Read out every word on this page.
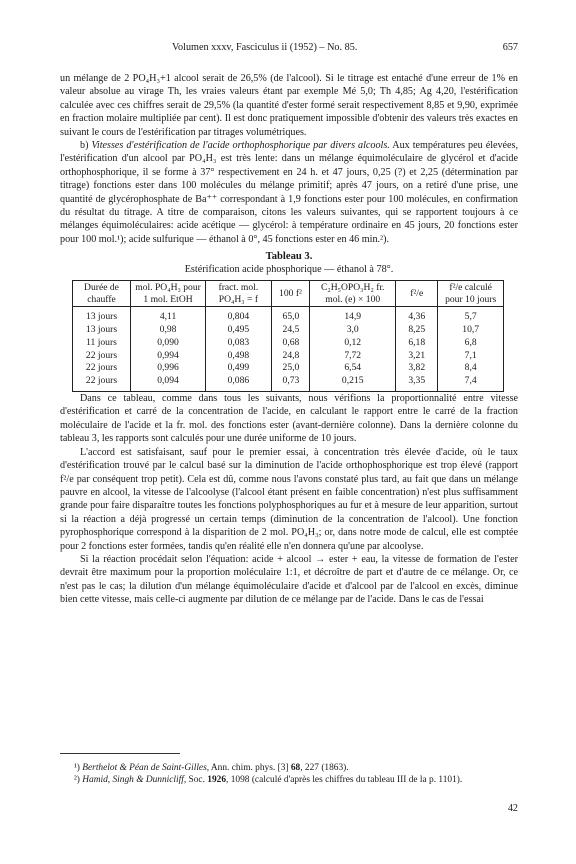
Volumen xxxv, Fasciculus ii (1952) – No. 85.	657

un mélange de 2 PO₄H₃+1 alcool serait de 26,5% (de l'alcool). Si le titrage est entaché d'une erreur de 1% en valeur absolue au virage Th, les vraies valeurs étant par exemple Mé 5,0; Th 4,85; Ag 4,20, l'estérification calculée avec ces chiffres serait de 29,5% (la quantité d'ester formé serait respectivement 8,85 et 9,90, exprimée en fraction molaire multipliée par cent). Il est donc pratiquement impossible d'obtenir des valeurs très exactes en suivant le cours de l'estérification par titrages volumétriques.

b) Vitesses d'estérification de l'acide orthophosphorique par divers alcools. Aux températures peu élevées, l'estérification d'un alcool par PO₄H₃ est très lente: dans un mélange équimoléculaire de glycérol et d'acide orthophosphorique, il se forme à 37° respectivement en 24 h. et 47 jours, 0,25 (?) et 2,25 (détermination par titrage) fonctions ester dans 100 molécules du mélange primitif; après 47 jours, on a retiré d'une prise, une quantité de glycérophosphate de Ba⁺⁺ correspondant à 1,9 fonctions ester pour 100 molécules, en confirmation du résultat du titrage. A titre de comparaison, citons les valeurs suivantes, qui se rapportent toujours à ce mélanges équimoléculaires: acide acétique — glycérol: à température ordinaire en 45 jours, 20 fonctions ester pour 100 mol.¹); acide sulfurique — éthanol à 0°, 45 fonctions ester en 46 min.²).

Tableau 3.
Estérification acide phosphorique — éthanol à 78°.
Durée de chauffe	mol. PO₄H₃ pour 1 mol. EtOH	fract. mol. PO₄H₃ = f	100 f²	C₂H₅OPO₃H₂ fr. mol. (e) × 100	f²/e	f²/e calculé pour 10 jours
13 jours	4,11	0,804	65,0	14,9	4,36	5,7
13 jours	0,98	0,495	24,5	3,0	8,25	10,7
11 jours	0,090	0,083	0,68	0,12	6,18	6,8
22 jours	0,994	0,498	24,8	7,72	3,21	7,1
22 jours	0,996	0,499	25,0	6,54	3,82	8,4
22 jours	0,094	0,086	0,73	0,215	3,35	7,4

Dans ce tableau, comme dans tous les suivants, nous vérifions la proportionnalité entre vitesse d'estérification et carré de la concentration de l'acide, en calculant le rapport entre le carré de la fraction moléculaire de l'acide et la fr. mol. des fonctions ester (avant-dernière colonne). Dans la dernière colonne du tableau 3, les rapports sont calculés pour une durée uniforme de 10 jours.

L'accord est satisfaisant, sauf pour le premier essai, à concentration très élevée d'acide, où le taux d'estérification trouvé par le calcul basé sur la diminution de l'acide orthophosphorique est trop élevé (rapport f²/e par conséquent trop petit). Cela est dû, comme nous l'avons constaté plus tard, au fait que dans un mélange pauvre en alcool, la vitesse de l'alcoolyse (l'alcool étant présent en faible concentration) n'est plus suffisamment grande pour faire disparaître toutes les fonctions polyphosphoriques au fur et à mesure de leur apparition, surtout si la réaction a déjà progressé un certain temps (diminution de la concentration de l'alcool). Une fonction pyrophosphorique correspond à la disparition de 2 mol. PO₄H₃; or, dans notre mode de calcul, elle est comptée pour 2 fonctions ester formées, tandis qu'en réalité elle n'en donnera qu'une par alcoolyse.

Si la réaction procédait selon l'équation: acide + alcool → ester + eau, la vitesse de formation de l'ester devrait être maximum pour la proportion moléculaire 1:1, et décroître de part et d'autre de ce mélange. Or, ce n'est pas le cas; la dilution d'un mélange équimoléculaire d'acide et d'alcool par de l'alcool en excès, diminue bien cette vitesse, mais celle-ci augmente par dilution de ce mélange par de l'acide. Dans le cas de l'essai

¹) Berthelot & Péan de Saint-Gilles, Ann. chim. phys. [3] 68, 227 (1863).

²) Hamid, Singh & Dunnicliff, Soc. 1926, 1098 (calculé d'après les chiffres du tableau III de la p. 1101).

42
